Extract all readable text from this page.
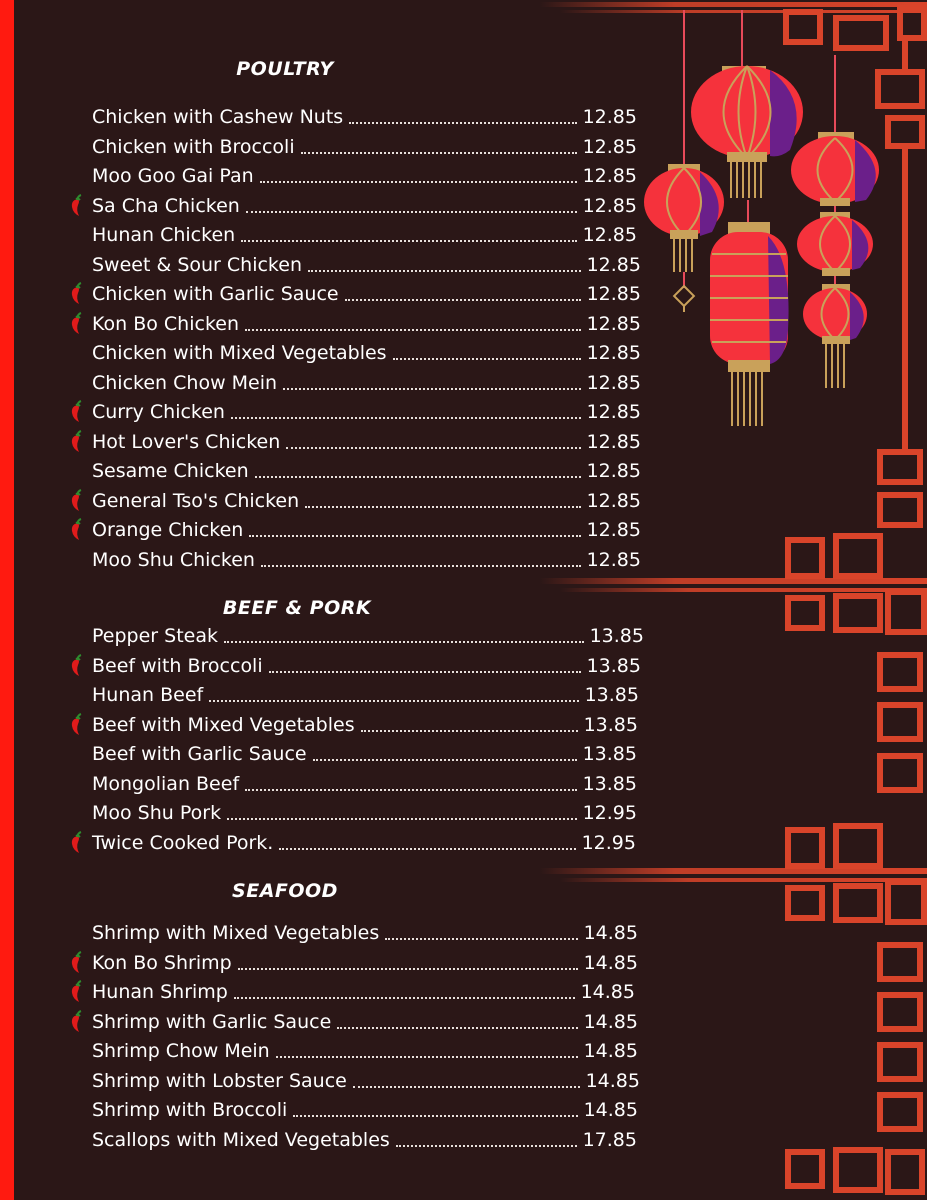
POULTRY
Chicken with Cashew Nuts	12.85
Chicken with Broccoli	12.85
Moo Goo Gai Pan	12.85
Sa Cha Chicken	12.85
Hunan Chicken	12.85
Sweet & Sour Chicken	12.85
Chicken with Garlic Sauce	12.85
Kon Bo Chicken	12.85
Chicken with Mixed Vegetables	12.85
Chicken Chow Mein	12.85
Curry Chicken	12.85
Hot Lover's Chicken	12.85
Sesame Chicken	12.85
General Tso's Chicken	12.85
Orange Chicken	12.85
Moo Shu Chicken	12.85
BEEF & PORK
Pepper Steak	13.85
Beef with Broccoli	13.85
Hunan Beef	13.85
Beef with Mixed Vegetables	13.85
Beef with Garlic Sauce	13.85
Mongolian Beef	13.85
Moo Shu Pork	12.95
Twice Cooked Pork.	12.95
SEAFOOD
Shrimp with Mixed Vegetables	14.85
Kon Bo Shrimp	14.85
Hunan Shrimp	14.85
Shrimp with Garlic Sauce	14.85
Shrimp Chow Mein	14.85
Shrimp with Lobster Sauce	14.85
Shrimp with Broccoli	14.85
Scallops with Mixed Vegetables	17.85
